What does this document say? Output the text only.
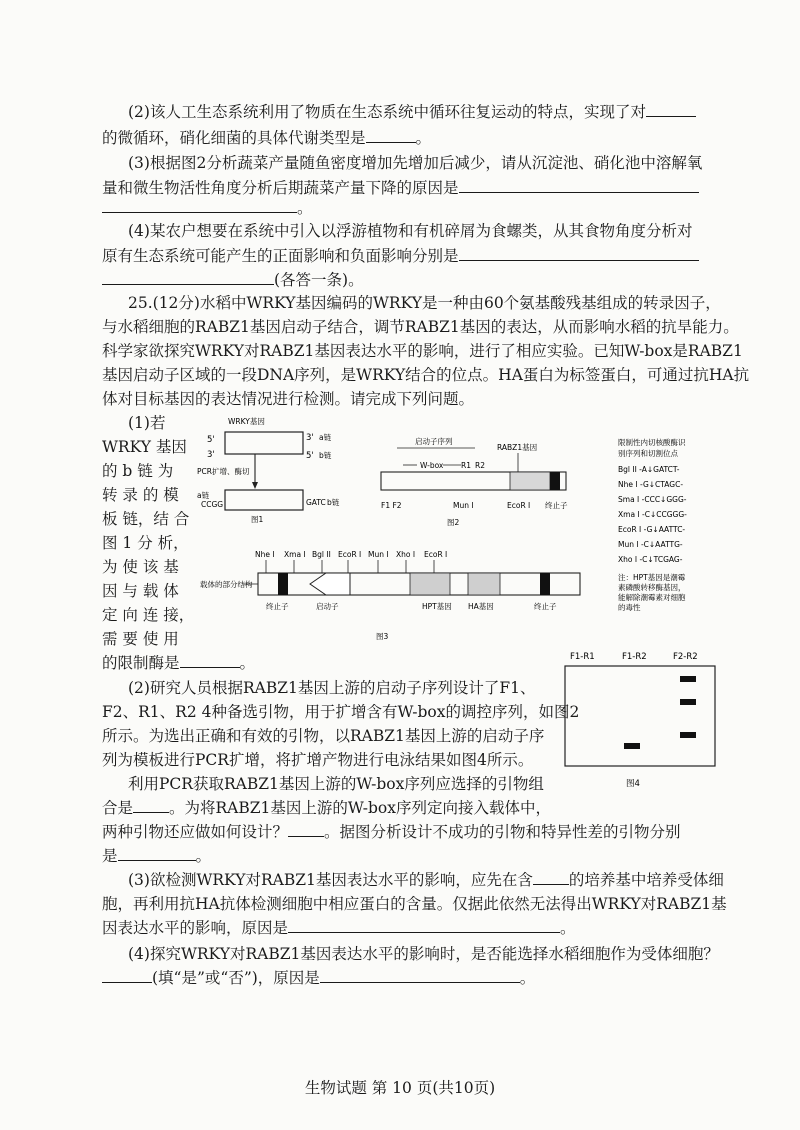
(2)该人工生态系统利用了物质在生态系统中循环往复运动的特点，实现了对
的微循环，硝化细菌的具体代谢类型是	。
(3)根据图2分析蔬菜产量随鱼密度增加先增加后减少，请从沉淀池、硝化池中溶解氧
量和微生物活性角度分析后期蔬菜产量下降的原因是
。
(4)某农户想要在系统中引入以浮游植物和有机碎屑为食螺类，从其食物角度分析对
原有生态系统可能产生的正面影响和负面影响分别是
(各答一条)。
25.(12分)水稻中WRKY基因编码的WRKY是一种由60个氨基酸残基组成的转录因子，
与水稻细胞的RABZ1基因启动子结合，调节RABZ1基因的表达，从而影响水稻的抗旱能力。
科学家欲探究WRKY对RABZ1基因表达水平的影响，进行了相应实验。已知W-box是RABZ1
基因启动子区域的一段DNA序列，是WRKY结合的位点。HA蛋白为标签蛋白，可通过抗HA抗
体对目标基因的表达情况进行检测。请完成下列问题。
(1)若
WRKY 基因
的 b 链 为
转 录 的 模
板 链，结 合
图 1 分 析，
为 使 该 基
因 与 载 体
定 向 连 接，
需 要 使 用
的限制酶是	。
WRKY基因
5'
3'
3' a链
5' b链
PCR扩增、酶切
a链
CCGG	GATC b链
图1
启动子序列
RABZ1基因
W-box R1 R2
F1 F2	Mun I	EcoR I 终止子
图2
限制性内切核酸酶识
别序列和切割位点
Bgl II -A↓GATCT-
Nhe I -G↓CTAGC-
Sma I -CCC↓GGG-
Xma I -C↓CCGGG-
EcoR I -G↓AATTC-
Mun I -C↓AATTG-
Xho I -C↓TCGAG-
注：HPT基因是潮霉
素磷酸转移酶基因，
能解除潮霉素对细胞
的毒性
Nhe I Xma I Bgl II EcoR I Mun I Xho I EcoR I
载体的部分结构
终止子	启动子	HPT基因 HA基因	终止子
图3
(2)研究人员根据RABZ1基因上游的启动子序列设计了F1、
F2、R1、R2 4种备选引物，用于扩增含有W-box的调控序列，如图2
所示。为选出正确和有效的引物，以RABZ1基因上游的启动子序
列为模板进行PCR扩增，将扩增产物进行电泳结果如图4所示。
利用PCR获取RABZ1基因上游的W-box序列应选择的引物组
合是 。为将RABZ1基因上游的W-box序列定向接入载体中，
两种引物还应做如何设计？ 。据图分析设计不成功的引物和特异性差的引物分别
是	。
F1-R1	F1-R2	F2-R2
图4
(3)欲检测WRKY对RABZ1基因表达水平的影响，应先在含 的培养基中培养受体细
胞，再利用抗HA抗体检测细胞中相应蛋白的含量。仅据此依然无法得出WRKY对RABZ1基
因表达水平的影响，原因是	。
(4)探究WRKY对RABZ1基因表达水平的影响时，是否能选择水稻细胞作为受体细胞？
(填“是”或“否”)，原因是	。
生物试题 第 10 页(共10页)
